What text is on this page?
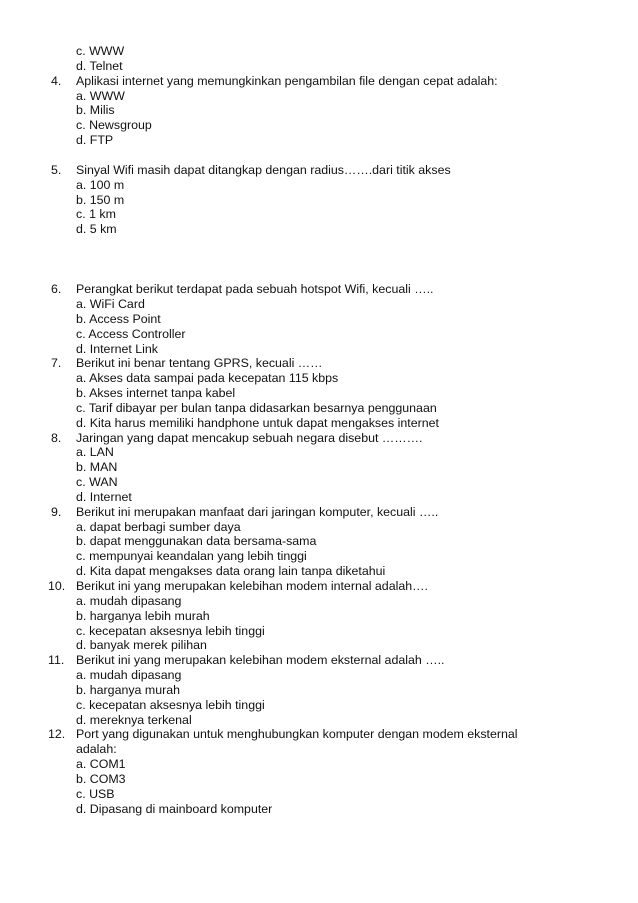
c. WWW
d. Telnet
4. Aplikasi internet yang memungkinkan pengambilan file dengan cepat adalah:
a. WWW
b. Milis
c. Newsgroup
d. FTP
5. Sinyal Wifi masih dapat ditangkap dengan radius…….dari titik akses
a. 100 m
b. 150 m
c. 1 km
d. 5 km
6. Perangkat berikut terdapat pada sebuah hotspot Wifi, kecuali …..
a. WiFi Card
b. Access Point
c. Access Controller
d. Internet Link
7. Berikut ini benar tentang GPRS, kecuali ……
a. Akses data sampai pada kecepatan 115 kbps
b. Akses internet tanpa kabel
c. Tarif dibayar per bulan tanpa didasarkan besarnya penggunaan
d. Kita harus memiliki handphone untuk dapat mengakses internet
8. Jaringan yang dapat mencakup sebuah negara disebut ……….
a. LAN
b. MAN
c. WAN
d. Internet
9. Berikut ini merupakan manfaat dari jaringan komputer, kecuali …..
a. dapat berbagi sumber daya
b. dapat menggunakan data bersama-sama
c. mempunyai keandalan yang lebih tinggi
d. Kita dapat mengakses data orang lain tanpa diketahui
10. Berikut ini yang merupakan kelebihan modem internal adalah….
a. mudah dipasang
b. harganya lebih murah
c. kecepatan aksesnya lebih tinggi
d. banyak merek pilihan
11. Berikut ini yang merupakan kelebihan modem eksternal adalah …..
a. mudah dipasang
b. harganya murah
c. kecepatan aksesnya lebih tinggi
d. mereknya terkenal
12. Port yang digunakan untuk menghubungkan komputer dengan modem eksternal
adalah:
a. COM1
b. COM3
c. USB
d. Dipasang di mainboard komputer
